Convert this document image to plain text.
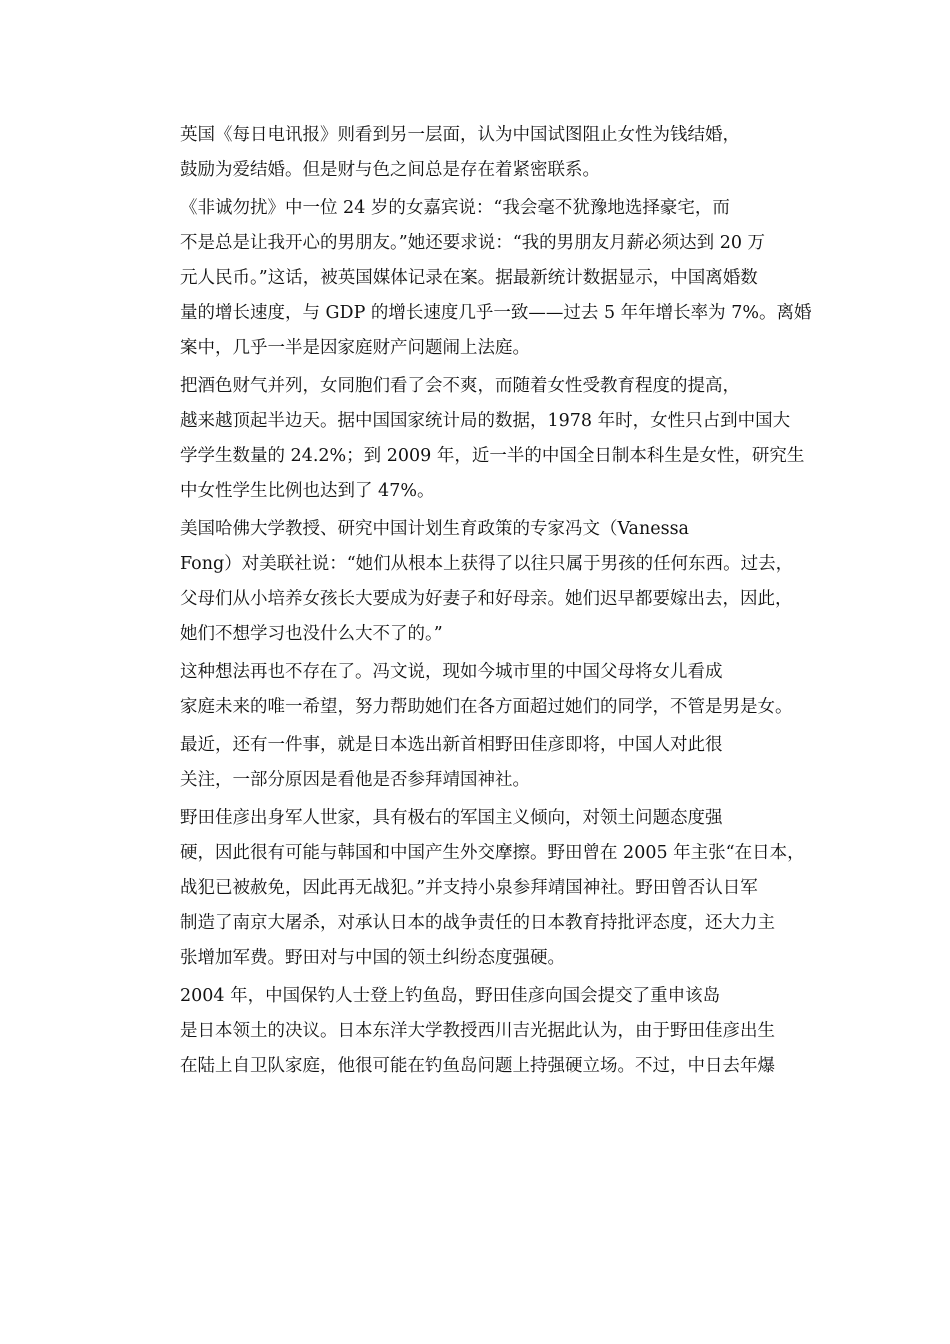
英国《每日电讯报》则看到另一层面，认为中国试图阻止女性为钱结婚，
鼓励为爱结婚。但是财与色之间总是存在着紧密联系。

《非诚勿扰》中一位 24 岁的女嘉宾说：“我会毫不犹豫地选择豪宅，而
不是总是让我开心的男朋友。”她还要求说：“我的男朋友月薪必须达到 20 万
元人民币。”这话，被英国媒体记录在案。据最新统计数据显示，中国离婚数
量的增长速度，与 GDP 的增长速度几乎一致——过去 5 年年增长率为 7%。离婚
案中，几乎一半是因家庭财产问题闹上法庭。

把酒色财气并列，女同胞们看了会不爽，而随着女性受教育程度的提高，
越来越顶起半边天。据中国国家统计局的数据，1978 年时，女性只占到中国大
学学生数量的 24.2%；到 2009 年，近一半的中国全日制本科生是女性，研究生
中女性学生比例也达到了 47%。

美国哈佛大学教授、研究中国计划生育政策的专家冯文（Vanessa
Fong）对美联社说：“她们从根本上获得了以往只属于男孩的任何东西。过去，
父母们从小培养女孩长大要成为好妻子和好母亲。她们迟早都要嫁出去，因此，
她们不想学习也没什么大不了的。”

这种想法再也不存在了。冯文说，现如今城市里的中国父母将女儿看成
家庭未来的唯一希望，努力帮助她们在各方面超过她们的同学，不管是男是女。

最近，还有一件事，就是日本选出新首相野田佳彦即将，中国人对此很
关注，一部分原因是看他是否参拜靖国神社。

野田佳彦出身军人世家，具有极右的军国主义倾向，对领土问题态度强
硬，因此很有可能与韩国和中国产生外交摩擦。野田曾在 2005 年主张“在日本，
战犯已被赦免，因此再无战犯。”并支持小泉参拜靖国神社。野田曾否认日军
制造了南京大屠杀，对承认日本的战争责任的日本教育持批评态度，还大力主
张增加军费。野田对与中国的领土纠纷态度强硬。

2004 年，中国保钓人士登上钓鱼岛，野田佳彦向国会提交了重申该岛
是日本领土的决议。日本东洋大学教授西川吉光据此认为，由于野田佳彦出生
在陆上自卫队家庭，他很可能在钓鱼岛问题上持强硬立场。不过，中日去年爆
